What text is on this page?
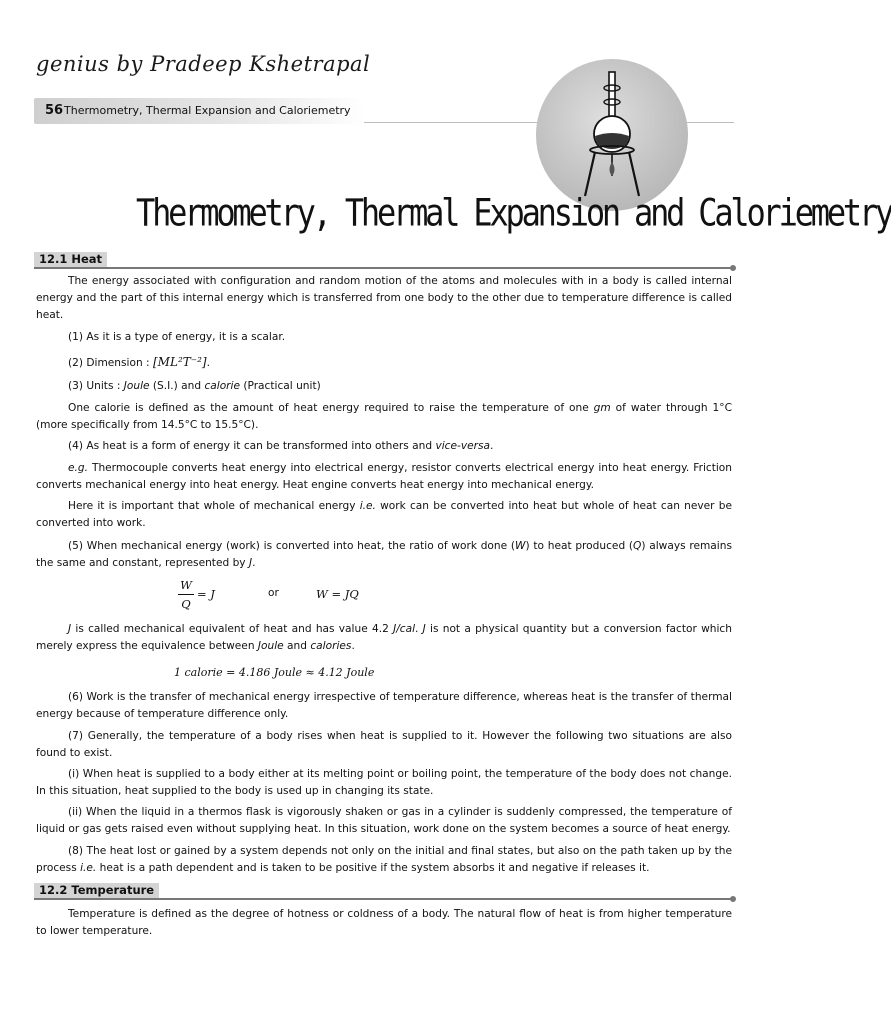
genius by Pradeep Kshetrapal
56 Thermometry, Thermal Expansion and Caloriemetry
Thermometry, Thermal Expansion and Caloriemetry
12.1 Heat
The energy associated with configuration and random motion of the atoms and molecules with in a body is called internal energy and the part of this internal energy which is transferred from one body to the other due to temperature difference is called heat.
(1) As it is a type of energy, it is a scalar.
(2) Dimension : [ML²T⁻²].
(3) Units : Joule (S.I.) and calorie (Practical unit)
One calorie is defined as the amount of heat energy required to raise the temperature of one gm of water through 1°C (more specifically from 14.5°C to 15.5°C).
(4) As heat is a form of energy it can be transformed into others and vice-versa.
e.g. Thermocouple converts heat energy into electrical energy, resistor converts electrical energy into heat energy. Friction converts mechanical energy into heat energy. Heat engine converts heat energy into mechanical energy.
Here it is important that whole of mechanical energy i.e. work can be converted into heat but whole of heat can never be converted into work.
(5) When mechanical energy (work) is converted into heat, the ratio of work done (W) to heat produced (Q) always remains the same and constant, represented by J.
W
Q
= J	or	W = JQ
J is called mechanical equivalent of heat and has value 4.2 J/cal. J is not a physical quantity but a conversion factor which merely express the equivalence between Joule and calories.
1 calorie = 4.186 Joule ≈ 4.12 Joule
(6) Work is the transfer of mechanical energy irrespective of temperature difference, whereas heat is the transfer of thermal energy because of temperature difference only.
(7) Generally, the temperature of a body rises when heat is supplied to it. However the following two situations are also found to exist.
(i) When heat is supplied to a body either at its melting point or boiling point, the temperature of the body does not change. In this situation, heat supplied to the body is used up in changing its state.
(ii) When the liquid in a thermos flask is vigorously shaken or gas in a cylinder is suddenly compressed, the temperature of liquid or gas gets raised even without supplying heat. In this situation, work done on the system becomes a source of heat energy.
(8) The heat lost or gained by a system depends not only on the initial and final states, but also on the path taken up by the process i.e. heat is a path dependent and is taken to be positive if the system absorbs it and negative if releases it.
12.2 Temperature
Temperature is defined as the degree of hotness or coldness of a body. The natural flow of heat is from higher temperature to lower temperature.
